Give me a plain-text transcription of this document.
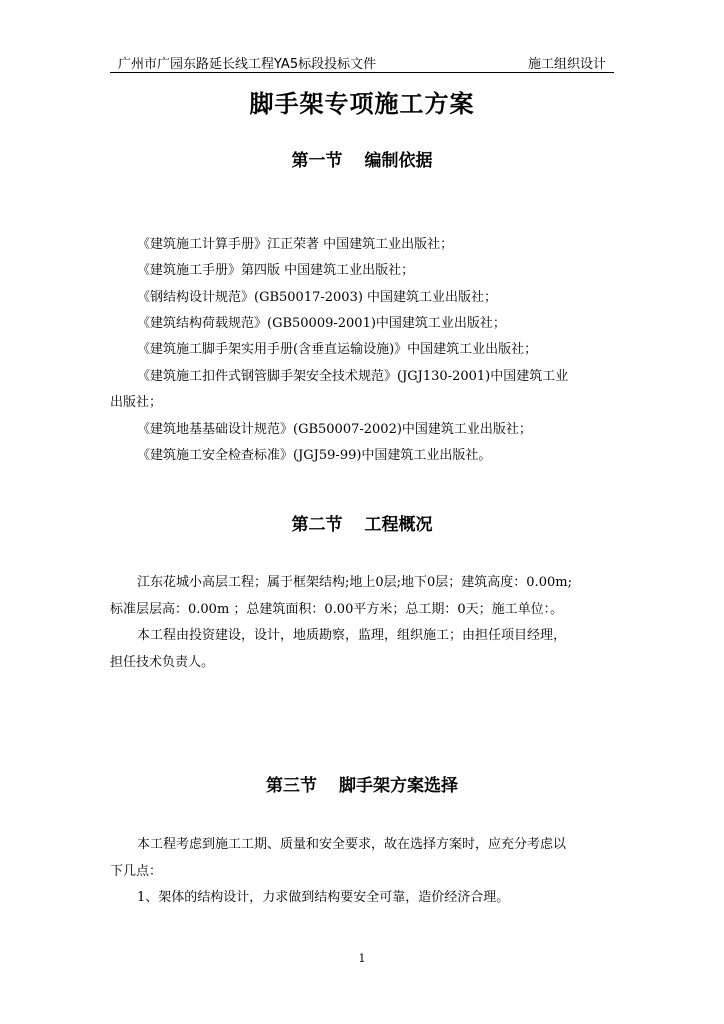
广州市广园东路延长线工程YA5标段投标文件	施工组织设计
脚手架专项施工方案
第一节 编制依据
《建筑施工计算手册》江正荣著 中国建筑工业出版社；
《建筑施工手册》第四版 中国建筑工业出版社；
《钢结构设计规范》(GB50017-2003) 中国建筑工业出版社；
《建筑结构荷载规范》(GB50009-2001)中国建筑工业出版社；
《建筑施工脚手架实用手册(含垂直运输设施)》中国建筑工业出版社；
《建筑施工扣件式钢管脚手架安全技术规范》(JGJ130-2001)中国建筑工业
出版社；
《建筑地基基础设计规范》(GB50007-2002)中国建筑工业出版社；
《建筑施工安全检查标准》(JGJ59-99)中国建筑工业出版社。
第二节 工程概况
江东花城小高层工程；属于框架结构;地上0层;地下0层；建筑高度：0.00m;
标准层层高：0.00m ；总建筑面积：0.00平方米；总工期：0天；施工单位：。
本工程由投资建设，设计，地质勘察，监理，组织施工；由担任项目经理，
担任技术负责人。
第三节 脚手架方案选择
本工程考虑到施工工期、质量和安全要求，故在选择方案时，应充分考虑以
下几点：
1、架体的结构设计，力求做到结构要安全可靠，造价经济合理。
1
